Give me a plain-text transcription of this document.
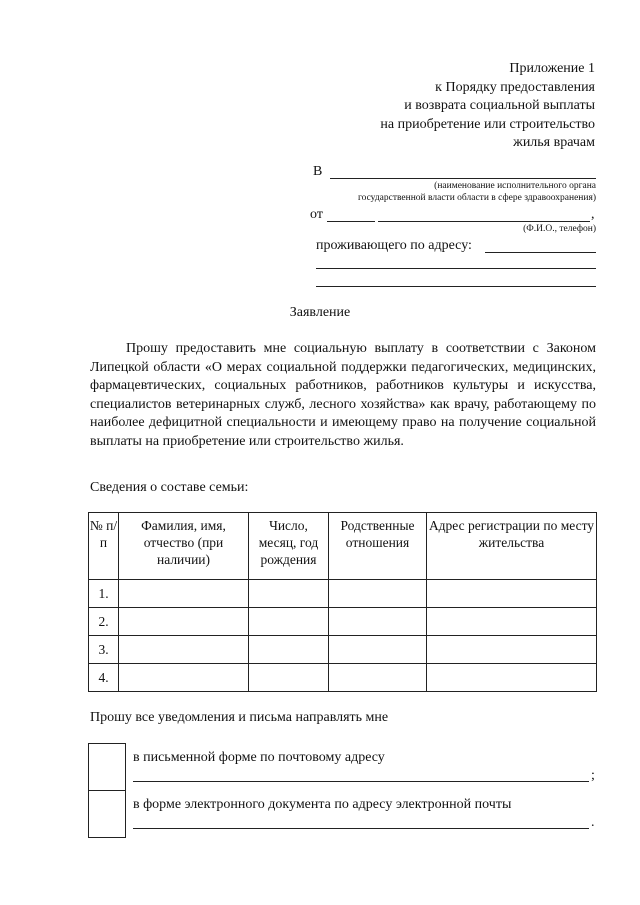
Приложение 1
к Порядку предоставления
и возврата социальной выплаты
на приобретение или строительство
жилья врачам
В
(наименование исполнительного органа
государственной власти области в сфере здравоохранения)
от	,
(Ф.И.О., телефон)
проживающего по адресу:
Заявление
Прошу предоставить мне социальную выплату в соответствии с Законом Липецкой области «О мерах социальной поддержки педагогических, медицинских, фармацевтических, социальных работников, работников культуры и искусства, специалистов ветеринарных служб, лесного хозяйства» как врачу, работающему по наиболее дефицитной специальности и имеющему право на получение социальной выплаты на приобретение или строительство жилья.
Сведения о составе семьи:
№ п/п	Фамилия, имя, отчество (при наличии)	Число, месяц, год рождения	Родственные отношения	Адрес регистрации по месту жительства
1.				
2.				
3.				
4.				
Прошу все уведомления и письма направлять мне
в письменной форме по почтовому адресу
;
в форме электронного документа по адресу электронной почты
.
